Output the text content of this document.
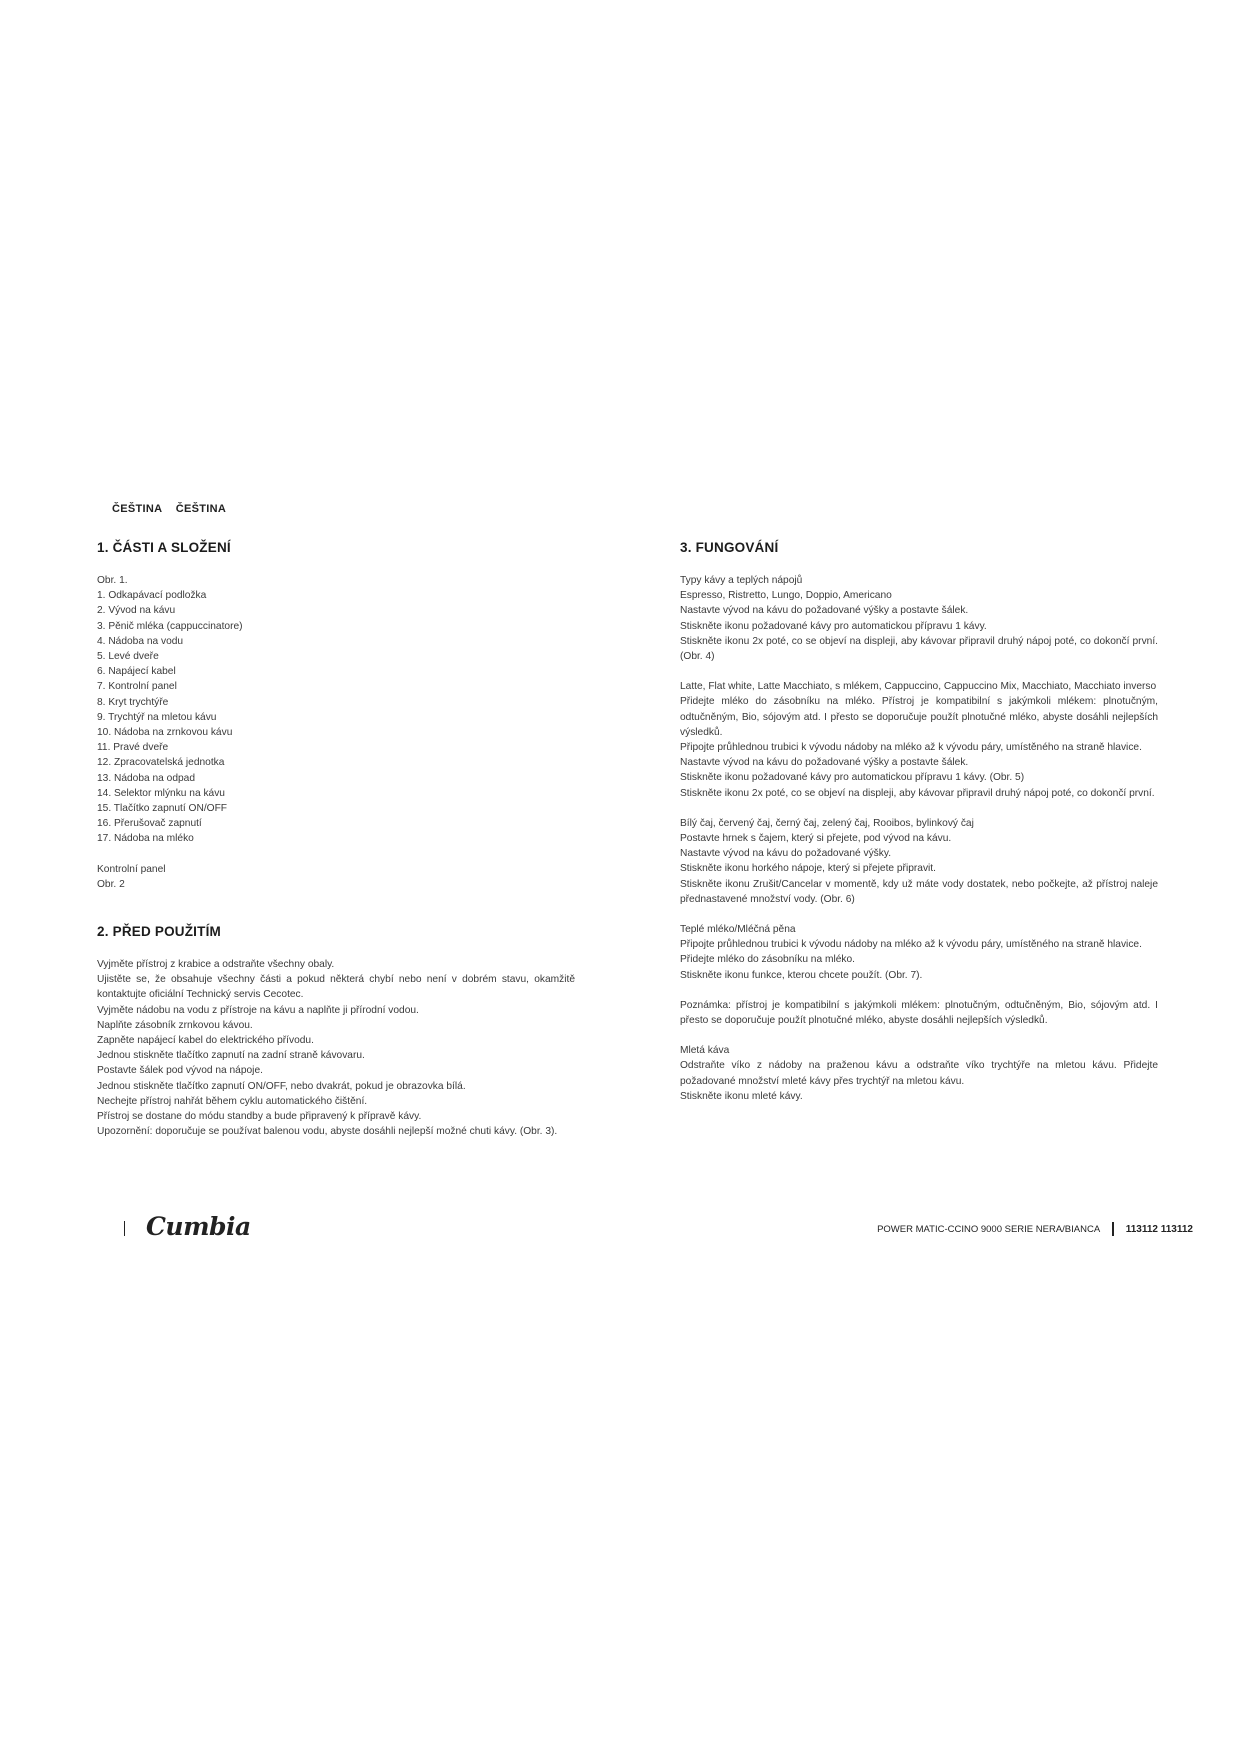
ČEŠTINA ČEŠTINA
1. ČÁSTI A SLOŽENÍ
Obr. 1.
1. Odkapávací podložka
2. Vývod na kávu
3. Pěnič mléka (cappuccinatore)
4. Nádoba na vodu
5. Levé dveře
6. Napájecí kabel
7. Kontrolní panel
8. Kryt trychtýře
9. Trychtýř na mletou kávu
10. Nádoba na zrnkovou kávu
11. Pravé dveře
12. Zpracovatelská jednotka
13. Nádoba na odpad
14. Selektor mlýnku na kávu
15. Tlačítko zapnutí ON/OFF
16. Přerušovač zapnutí
17. Nádoba na mléko
Kontrolní panel
Obr. 2
2. PŘED POUŽITÍM
Vyjměte přístroj z krabice a odstraňte všechny obaly.
Ujistěte se, že obsahuje všechny části a pokud některá chybí nebo není v dobrém stavu, okamžitě kontaktujte oficiální Technický servis Cecotec.
Vyjměte nádobu na vodu z přístroje na kávu a naplňte ji přírodní vodou.
Naplňte zásobník zrnkovou kávou.
Zapněte napájecí kabel do elektrického přívodu.
Jednou stiskněte tlačítko zapnutí na zadní straně kávovaru.
Postavte šálek pod vývod na nápoje.
Jednou stiskněte tlačítko zapnutí ON/OFF, nebo dvakrát, pokud je obrazovka bílá.
Nechejte přístroj nahřát během cyklu automatického čištění.
Přístroj se dostane do módu standby a bude připravený k přípravě kávy.
Upozornění: doporučuje se používat balenou vodu, abyste dosáhli nejlepší možné chuti kávy. (Obr. 3).
3. FUNGOVÁNÍ
Typy kávy a teplých nápojů
Espresso, Ristretto, Lungo, Doppio, Americano
Nastavte vývod na kávu do požadované výšky a postavte šálek.
Stiskněte ikonu požadované kávy pro automatickou přípravu 1 kávy.
Stiskněte ikonu 2x poté, co se objeví na displeji, aby kávovar připravil druhý nápoj poté, co dokončí první. (Obr. 4)
Latte, Flat white, Latte Macchiato, s mlékem, Cappuccino, Cappuccino Mix, Macchiato, Macchiato inverso
Přidejte mléko do zásobníku na mléko. Přístroj je kompatibilní s jakýmkoli mlékem: plnotučným, odtučněným, Bio, sójovým atd. I přesto se doporučuje použít plnotučné mléko, abyste dosáhli nejlepších výsledků.
Připojte průhlednou trubici k vývodu nádoby na mléko až k vývodu páry, umístěného na straně hlavice.
Nastavte vývod na kávu do požadované výšky a postavte šálek.
Stiskněte ikonu požadované kávy pro automatickou přípravu 1 kávy. (Obr. 5)
Stiskněte ikonu 2x poté, co se objeví na displeji, aby kávovar připravil druhý nápoj poté, co dokončí první.
Bílý čaj, červený čaj, černý čaj, zelený čaj, Rooibos, bylinkový čaj
Postavte hrnek s čajem, který si přejete, pod vývod na kávu.
Nastavte vývod na kávu do požadované výšky.
Stiskněte ikonu horkého nápoje, který si přejete připravit.
Stiskněte ikonu Zrušit/Cancelar v momentě, kdy už máte vody dostatek, nebo počkejte, až přístroj naleje přednastavené množství vody. (Obr. 6)
Teplé mléko/Mléčná pěna
Připojte průhlednou trubici k vývodu nádoby na mléko až k vývodu páry, umístěného na straně hlavice.
Přidejte mléko do zásobníku na mléko.
Stiskněte ikonu funkce, kterou chcete použít. (Obr. 7).
Poznámka: přístroj je kompatibilní s jakýmkoli mlékem: plnotučným, odtučněným, Bio, sójovým atd. I přesto se doporučuje použít plnotučné mléko, abyste dosáhli nejlepších výsledků.
Mletá káva
Odstraňte víko z nádoby na praženou kávu a odstraňte víko trychtýře na mletou kávu. Přidejte požadované množství mleté kávy přes trychtýř na mletou kávu.
Stiskněte ikonu mleté kávy.
Cumbia	POWER MATIC-CCINO 9000 SERIE NERA/BIANCA	113112 113112
